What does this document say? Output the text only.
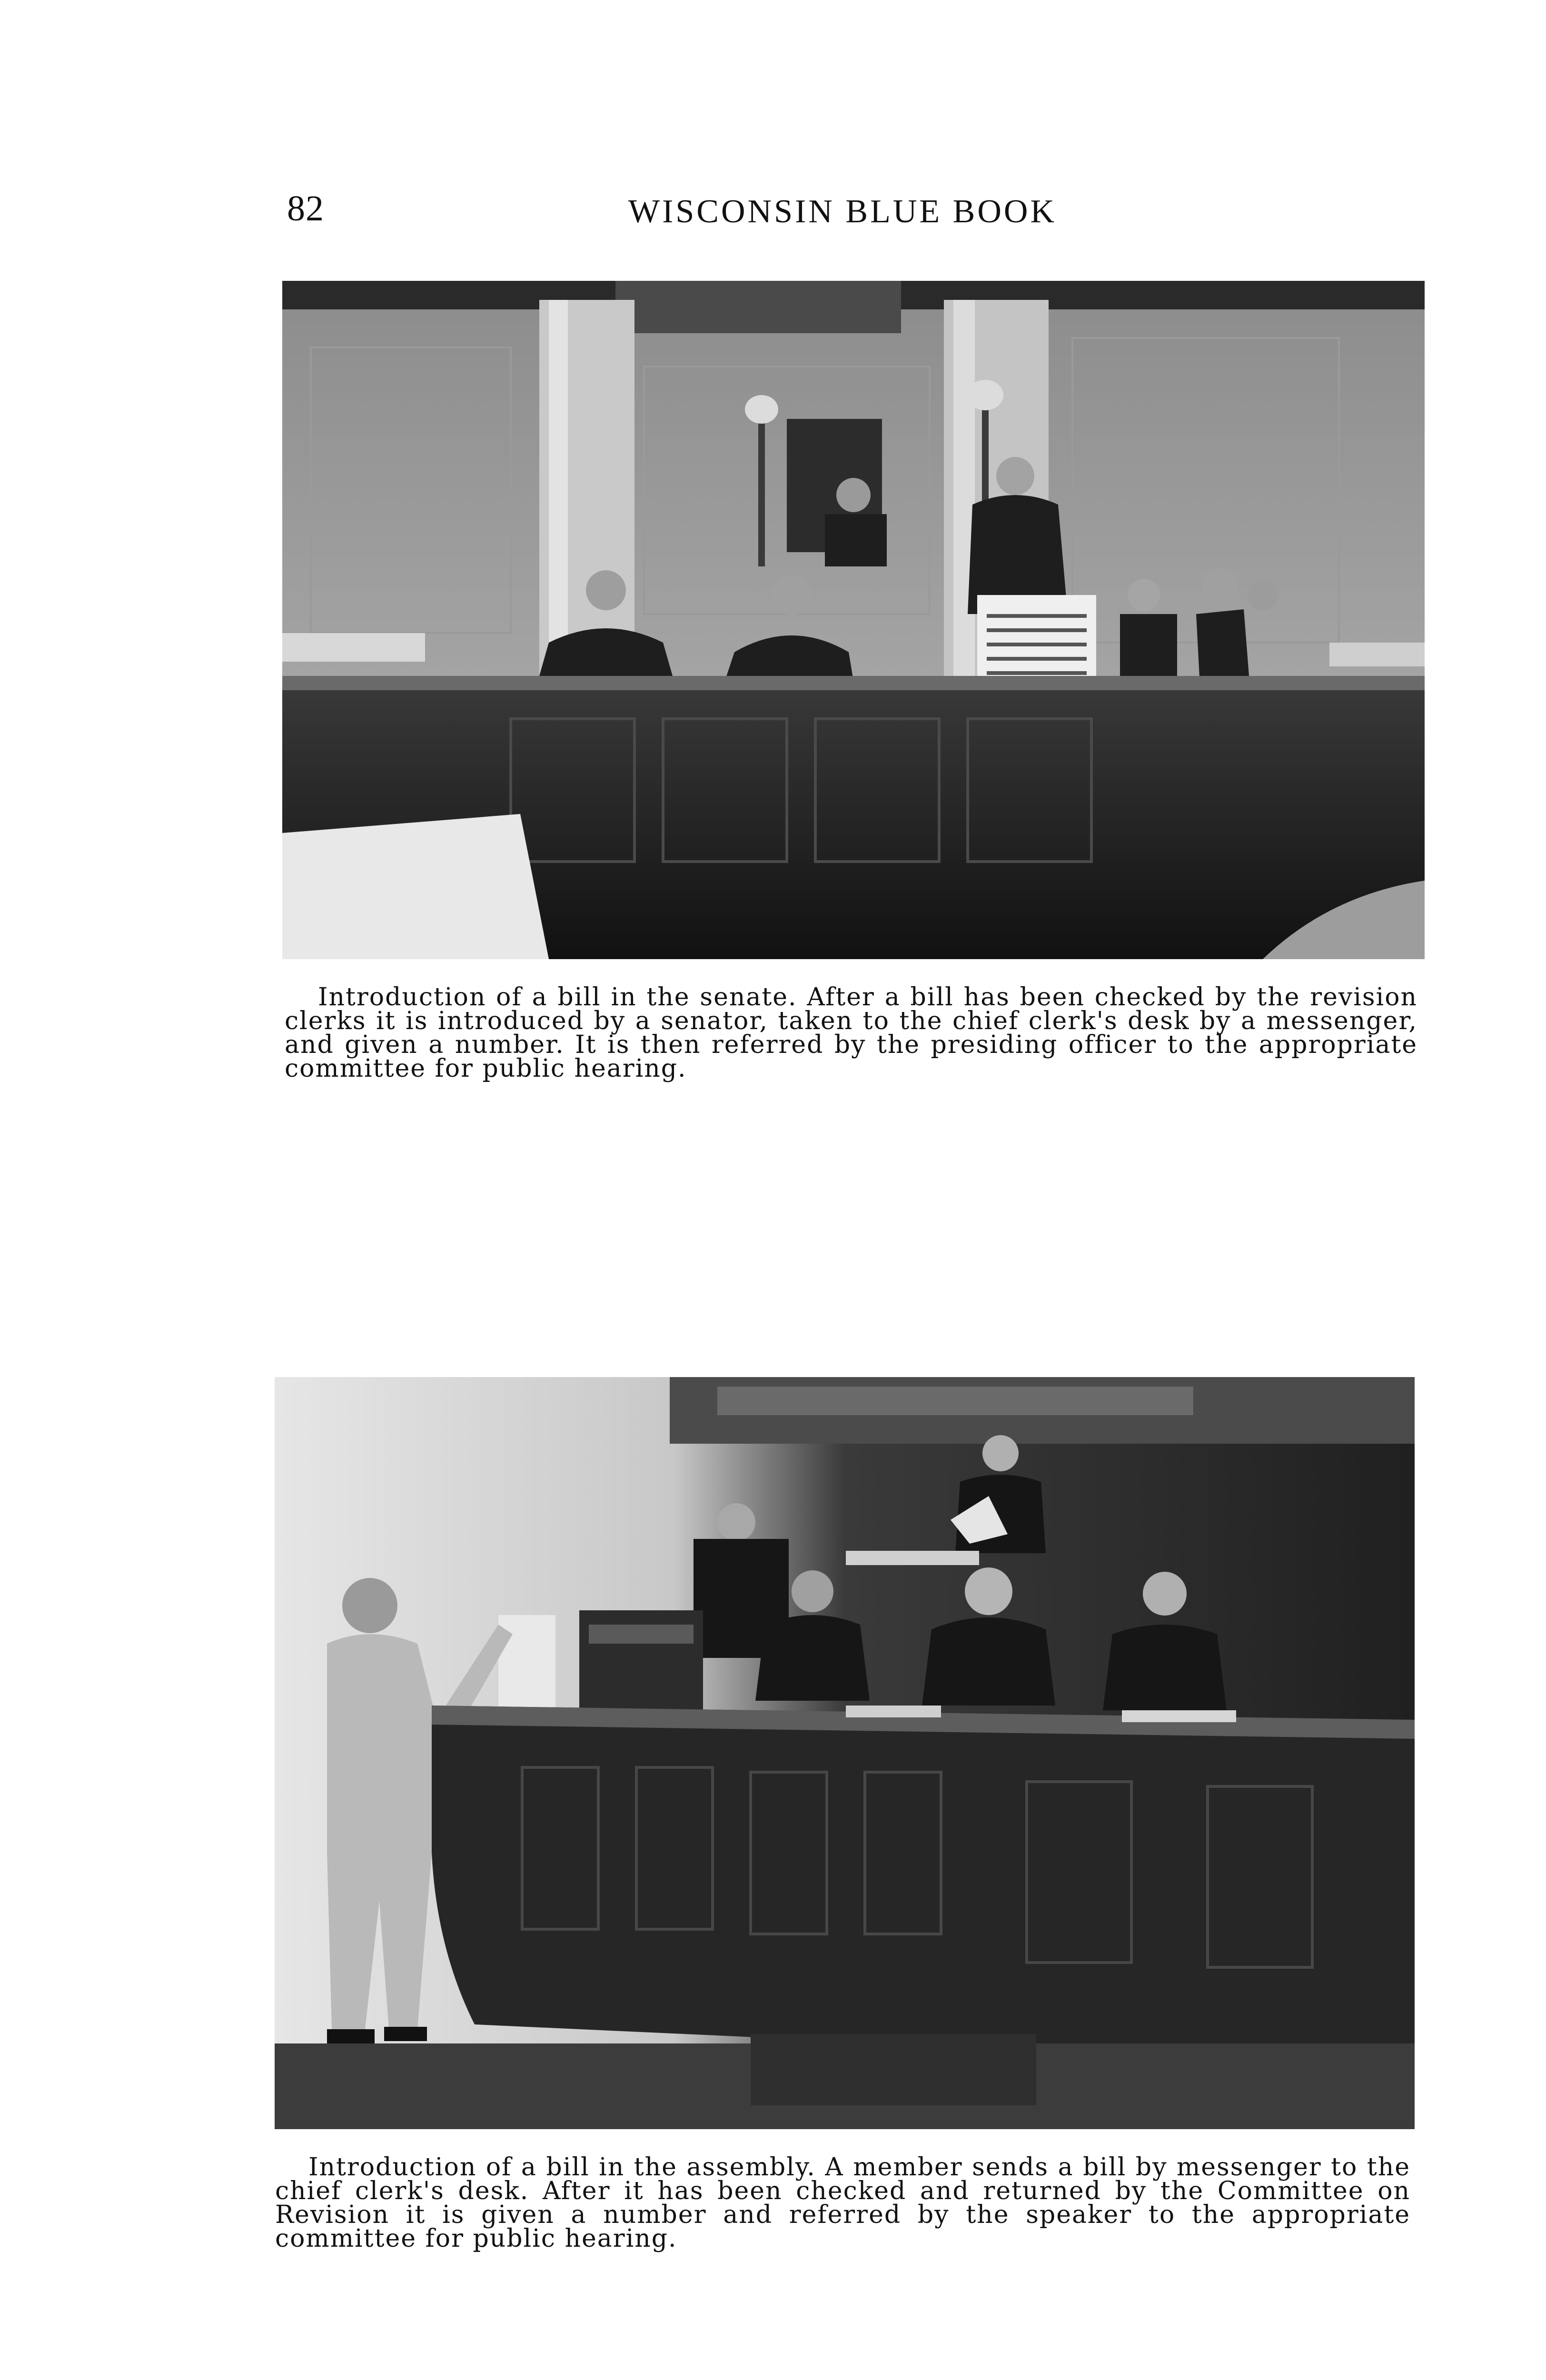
82	WISCONSIN BLUE BOOK
Introduction of a bill in the senate. After a bill has been checked by the revision clerks it is introduced by a senator, taken to the chief clerk's desk by a messenger, and given a number. It is then referred by the presiding officer to the appropriate committee for public hearing.
Introduction of a bill in the assembly. A member sends a bill by messenger to the chief clerk's desk. After it has been checked and returned by the Committee on Revision it is given a number and referred by the speaker to the appropriate committee for public hearing.
